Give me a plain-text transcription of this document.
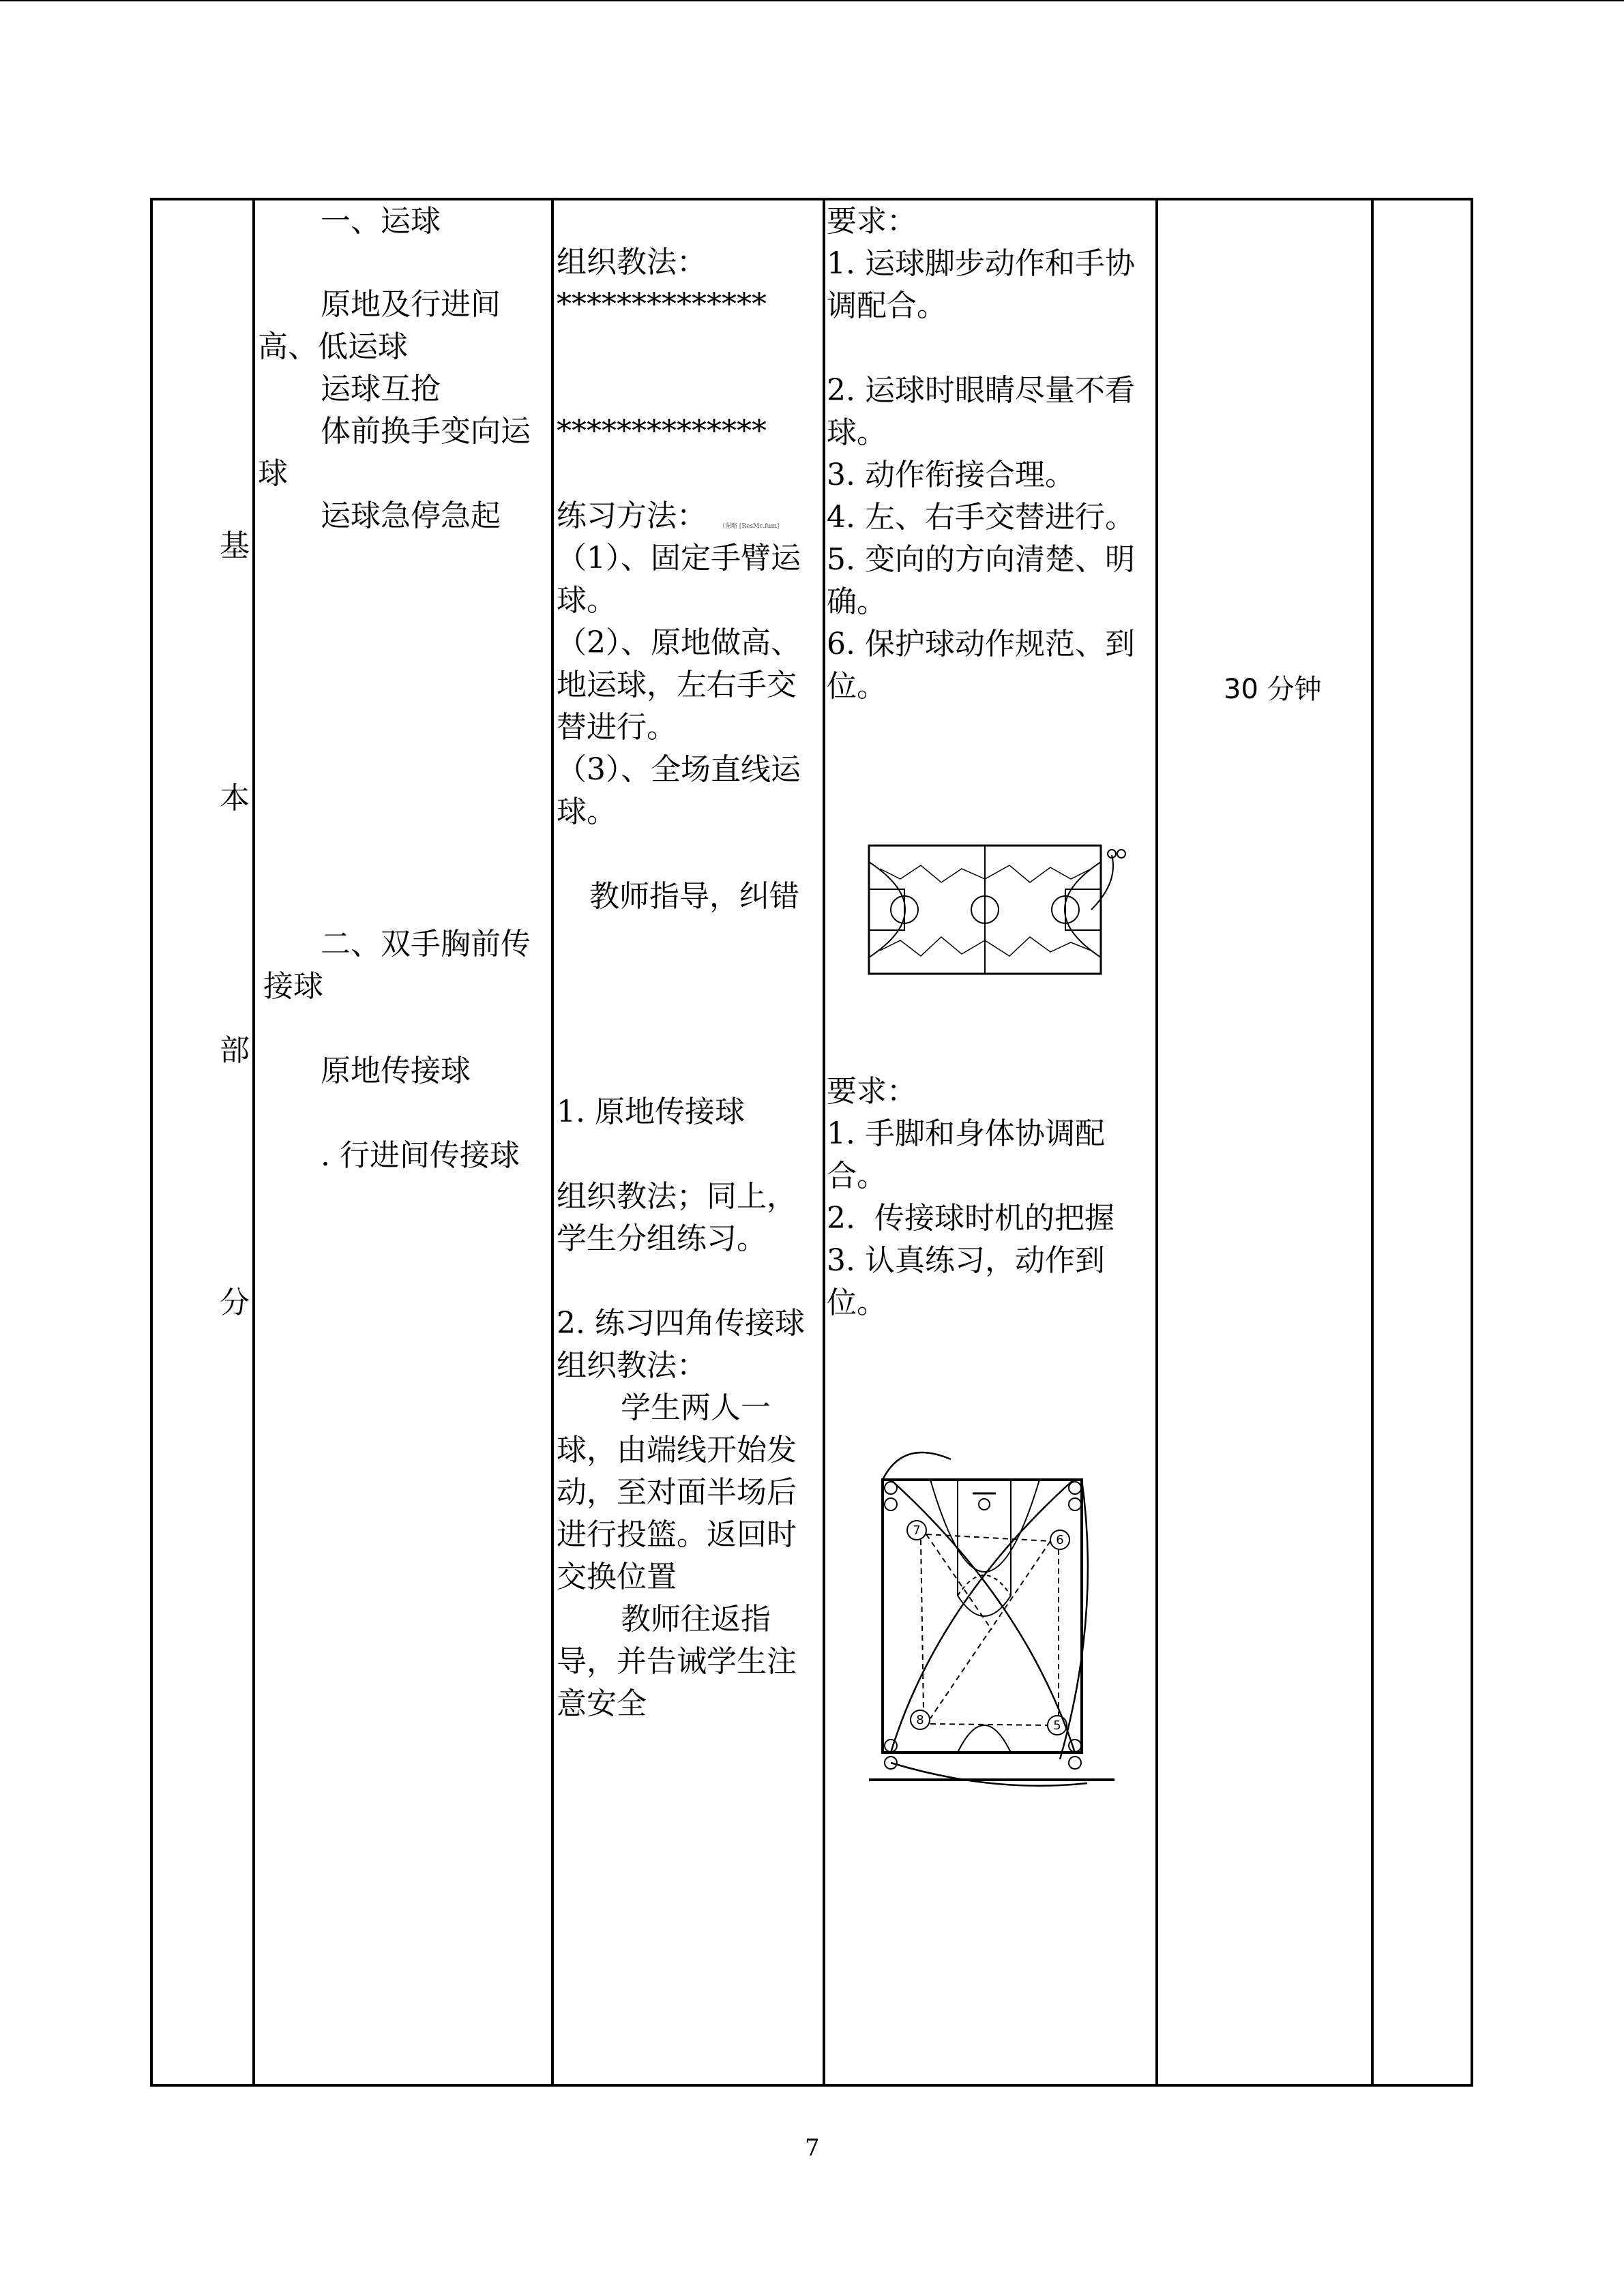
基
本
部
分
一、运球
原地及行进间
高、低运球
运球互抢
体前换手变向运
球
运球急停急起
二、双手胸前传
接球
原地传接球
. 行进间传接球
组织教法：
**************
**************
练习方法： （图略 [ResMc.fum]
（1）、固定手臂运
球。
（2）、原地做高、
地运球，左右手交
替进行。
（3）、全场直线运
球。
教师指导，纠错
1. 原地传接球
组织教法；同上，
学生分组练习。
2. 练习四角传接球
组织教法：
学生两人一
球，由端线开始发
动，至对面半场后
进行投篮。返回时
交换位置
教师往返指
导，并告诫学生注
意安全
要求：
1. 运球脚步动作和手协
调配合。
2. 运球时眼睛尽量不看
球。
3. 动作衔接合理。
4. 左、右手交替进行。
5. 变向的方向清楚、明
确。
6. 保护球动作规范、到
位。
要求：
1. 手脚和身体协调配
合。
2.  传接球时机的把握
3. 认真练习，动作到
位。
7
6
8	5
30 分钟
7
